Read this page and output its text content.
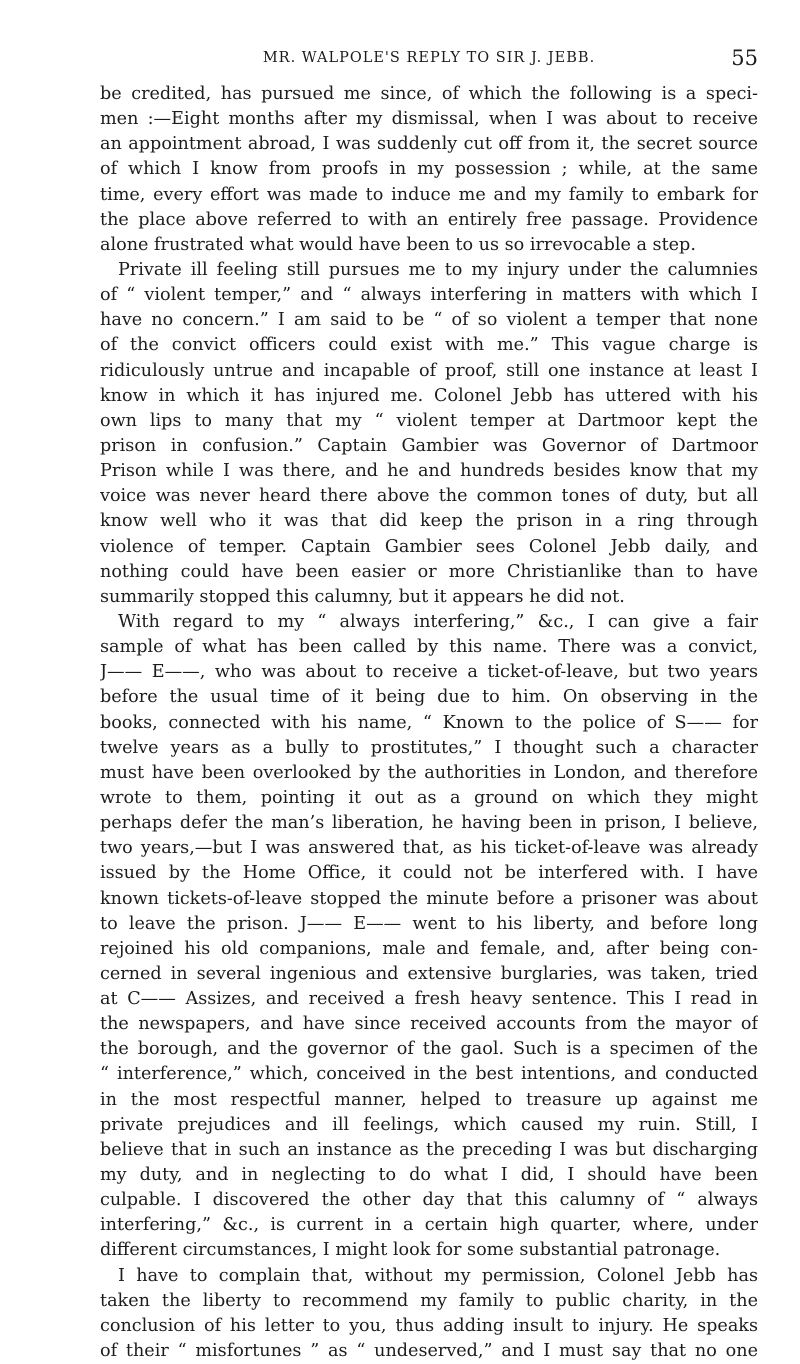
MR. WALPOLE'S REPLY TO SIR J. JEBB.	55
be credited, has pursued me since, of which the following is a speci-
men :—Eight months after my dismissal, when I was about to receive
an appointment abroad, I was suddenly cut off from it, the secret source
of which I know from proofs in my possession ; while, at the same
time, every effort was made to induce me and my family to embark for
the place above referred to with an entirely free passage. Providence
alone frustrated what would have been to us so irrevocable a step.
Private ill feeling still pursues me to my injury under the calumnies
of “ violent temper,” and “ always interfering in matters with which I
have no concern.” I am said to be “ of so violent a temper that none
of the convict officers could exist with me.” This vague charge is
ridiculously untrue and incapable of proof, still one instance at least I
know in which it has injured me. Colonel Jebb has uttered with his
own lips to many that my “ violent temper at Dartmoor kept the
prison in confusion.” Captain Gambier was Governor of Dartmoor
Prison while I was there, and he and hundreds besides know that my
voice was never heard there above the common tones of duty, but all
know well who it was that did keep the prison in a ring through
violence of temper. Captain Gambier sees Colonel Jebb daily, and
nothing could have been easier or more Christianlike than to have
summarily stopped this calumny, but it appears he did not.
With regard to my “ always interfering,” &c., I can give a fair
sample of what has been called by this name. There was a convict,
J—— E——, who was about to receive a ticket-of-leave, but two years
before the usual time of it being due to him. On observing in the
books, connected with his name, “ Known to the police of S—— for
twelve years as a bully to prostitutes,” I thought such a character
must have been overlooked by the authorities in London, and therefore
wrote to them, pointing it out as a ground on which they might
perhaps defer the man’s liberation, he having been in prison, I believe,
two years,—but I was answered that, as his ticket-of-leave was already
issued by the Home Office, it could not be interfered with. I have
known tickets-of-leave stopped the minute before a prisoner was about
to leave the prison. J—— E—— went to his liberty, and before long
rejoined his old companions, male and female, and, after being con-
cerned in several ingenious and extensive burglaries, was taken, tried
at C—— Assizes, and received a fresh heavy sentence. This I read in
the newspapers, and have since received accounts from the mayor of
the borough, and the governor of the gaol. Such is a specimen of the
“ interference,” which, conceived in the best intentions, and conducted
in the most respectful manner, helped to treasure up against me
private prejudices and ill feelings, which caused my ruin. Still, I
believe that in such an instance as the preceding I was but discharging
my duty, and in neglecting to do what I did, I should have been
culpable. I discovered the other day that this calumny of “ always
interfering,” &c., is current in a certain high quarter, where, under
different circumstances, I might look for some substantial patronage.
I have to complain that, without my permission, Colonel Jebb has
taken the liberty to recommend my family to public charity, in the
conclusion of his letter to you, thus adding insult to injury. He speaks
of their “ misfortunes ” as “ undeserved,” and I must say that no one
